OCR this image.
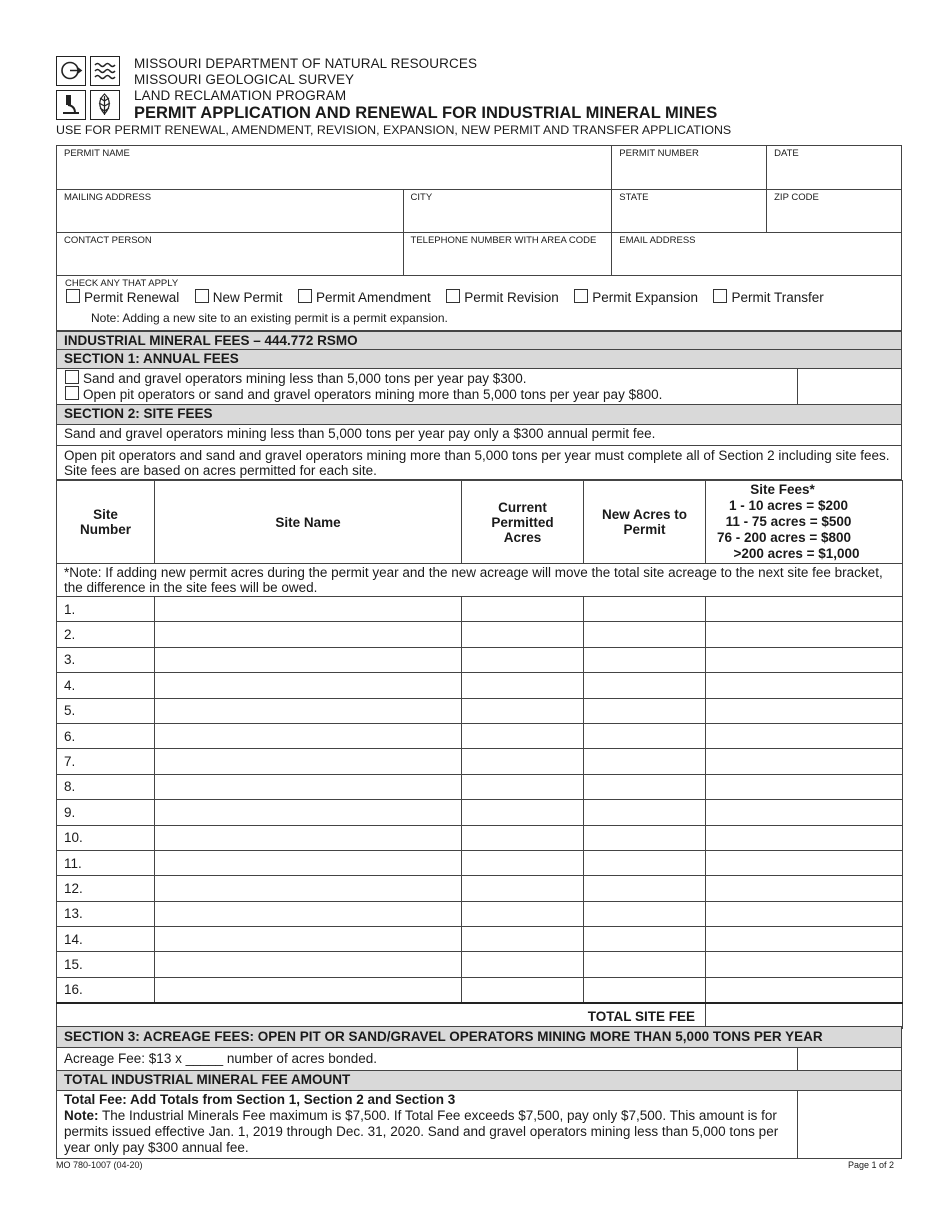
MISSOURI DEPARTMENT OF NATURAL RESOURCES
MISSOURI GEOLOGICAL SURVEY
LAND RECLAMATION PROGRAM
PERMIT APPLICATION AND RENEWAL FOR INDUSTRIAL MINERAL MINES
USE FOR PERMIT RENEWAL, AMENDMENT, REVISION, EXPANSION, NEW PERMIT AND TRANSFER APPLICATIONS
PERMIT NAME		PERMIT NUMBER	DATE
MAILING ADDRESS	CITY	STATE	ZIP CODE
CONTACT PERSON	TELEPHONE NUMBER WITH AREA CODE	EMAIL ADDRESS	
CHECK ANY THAT APPLY
Permit Renewal New Permit Permit Amendment Permit Revision Permit Expansion Permit Transfer
Note: Adding a new site to an existing permit is a permit expansion.
INDUSTRIAL MINERAL FEES – 444.772 RSMO
SECTION 1: ANNUAL FEES
Sand and gravel operators mining less than 5,000 tons per year pay $300.
Open pit operators or sand and gravel operators mining more than 5,000 tons per year pay $800.
SECTION 2: SITE FEES
Sand and gravel operators mining less than 5,000 tons per year pay only a $300 annual permit fee.
Open pit operators and sand and gravel operators mining more than 5,000 tons per year must complete all of Section 2 including site fees. Site fees are based on acres permitted for each site.
Site Number	Site Name	Current Permitted Acres	New Acres to Permit	Site Fees*
1 - 10 acres = $200
11 - 75 acres = $500
76 - 200 acres = $800
>200 acres = $1,000

*Note: If adding new permit acres during the permit year and the new acreage will move the total site acreage to the next site fee bracket, the difference in the site fees will be owed.				
1.				
2.				
3.				
4.				
5.				
6.				
7.				
8.				
9.				
10.				
11.				
12.				
13.				
14.				
15.				
16.				
TOTAL SITE FEE				
SECTION 3: ACREAGE FEES: OPEN PIT OR SAND/GRAVEL OPERATORS MINING MORE THAN 5,000 TONS PER YEAR
Acreage Fee: $13 x _____ number of acres bonded.
TOTAL INDUSTRIAL MINERAL FEE AMOUNT
Total Fee: Add Totals from Section 1, Section 2 and Section 3
Note: The Industrial Minerals Fee maximum is $7,500. If Total Fee exceeds $7,500, pay only $7,500. This amount is for permits issued effective Jan. 1, 2019 through Dec. 31, 2020. Sand and gravel operators mining less than 5,000 tons per year only pay $300 annual fee.
MO 780-1007 (04-20)	Page 1 of 2
